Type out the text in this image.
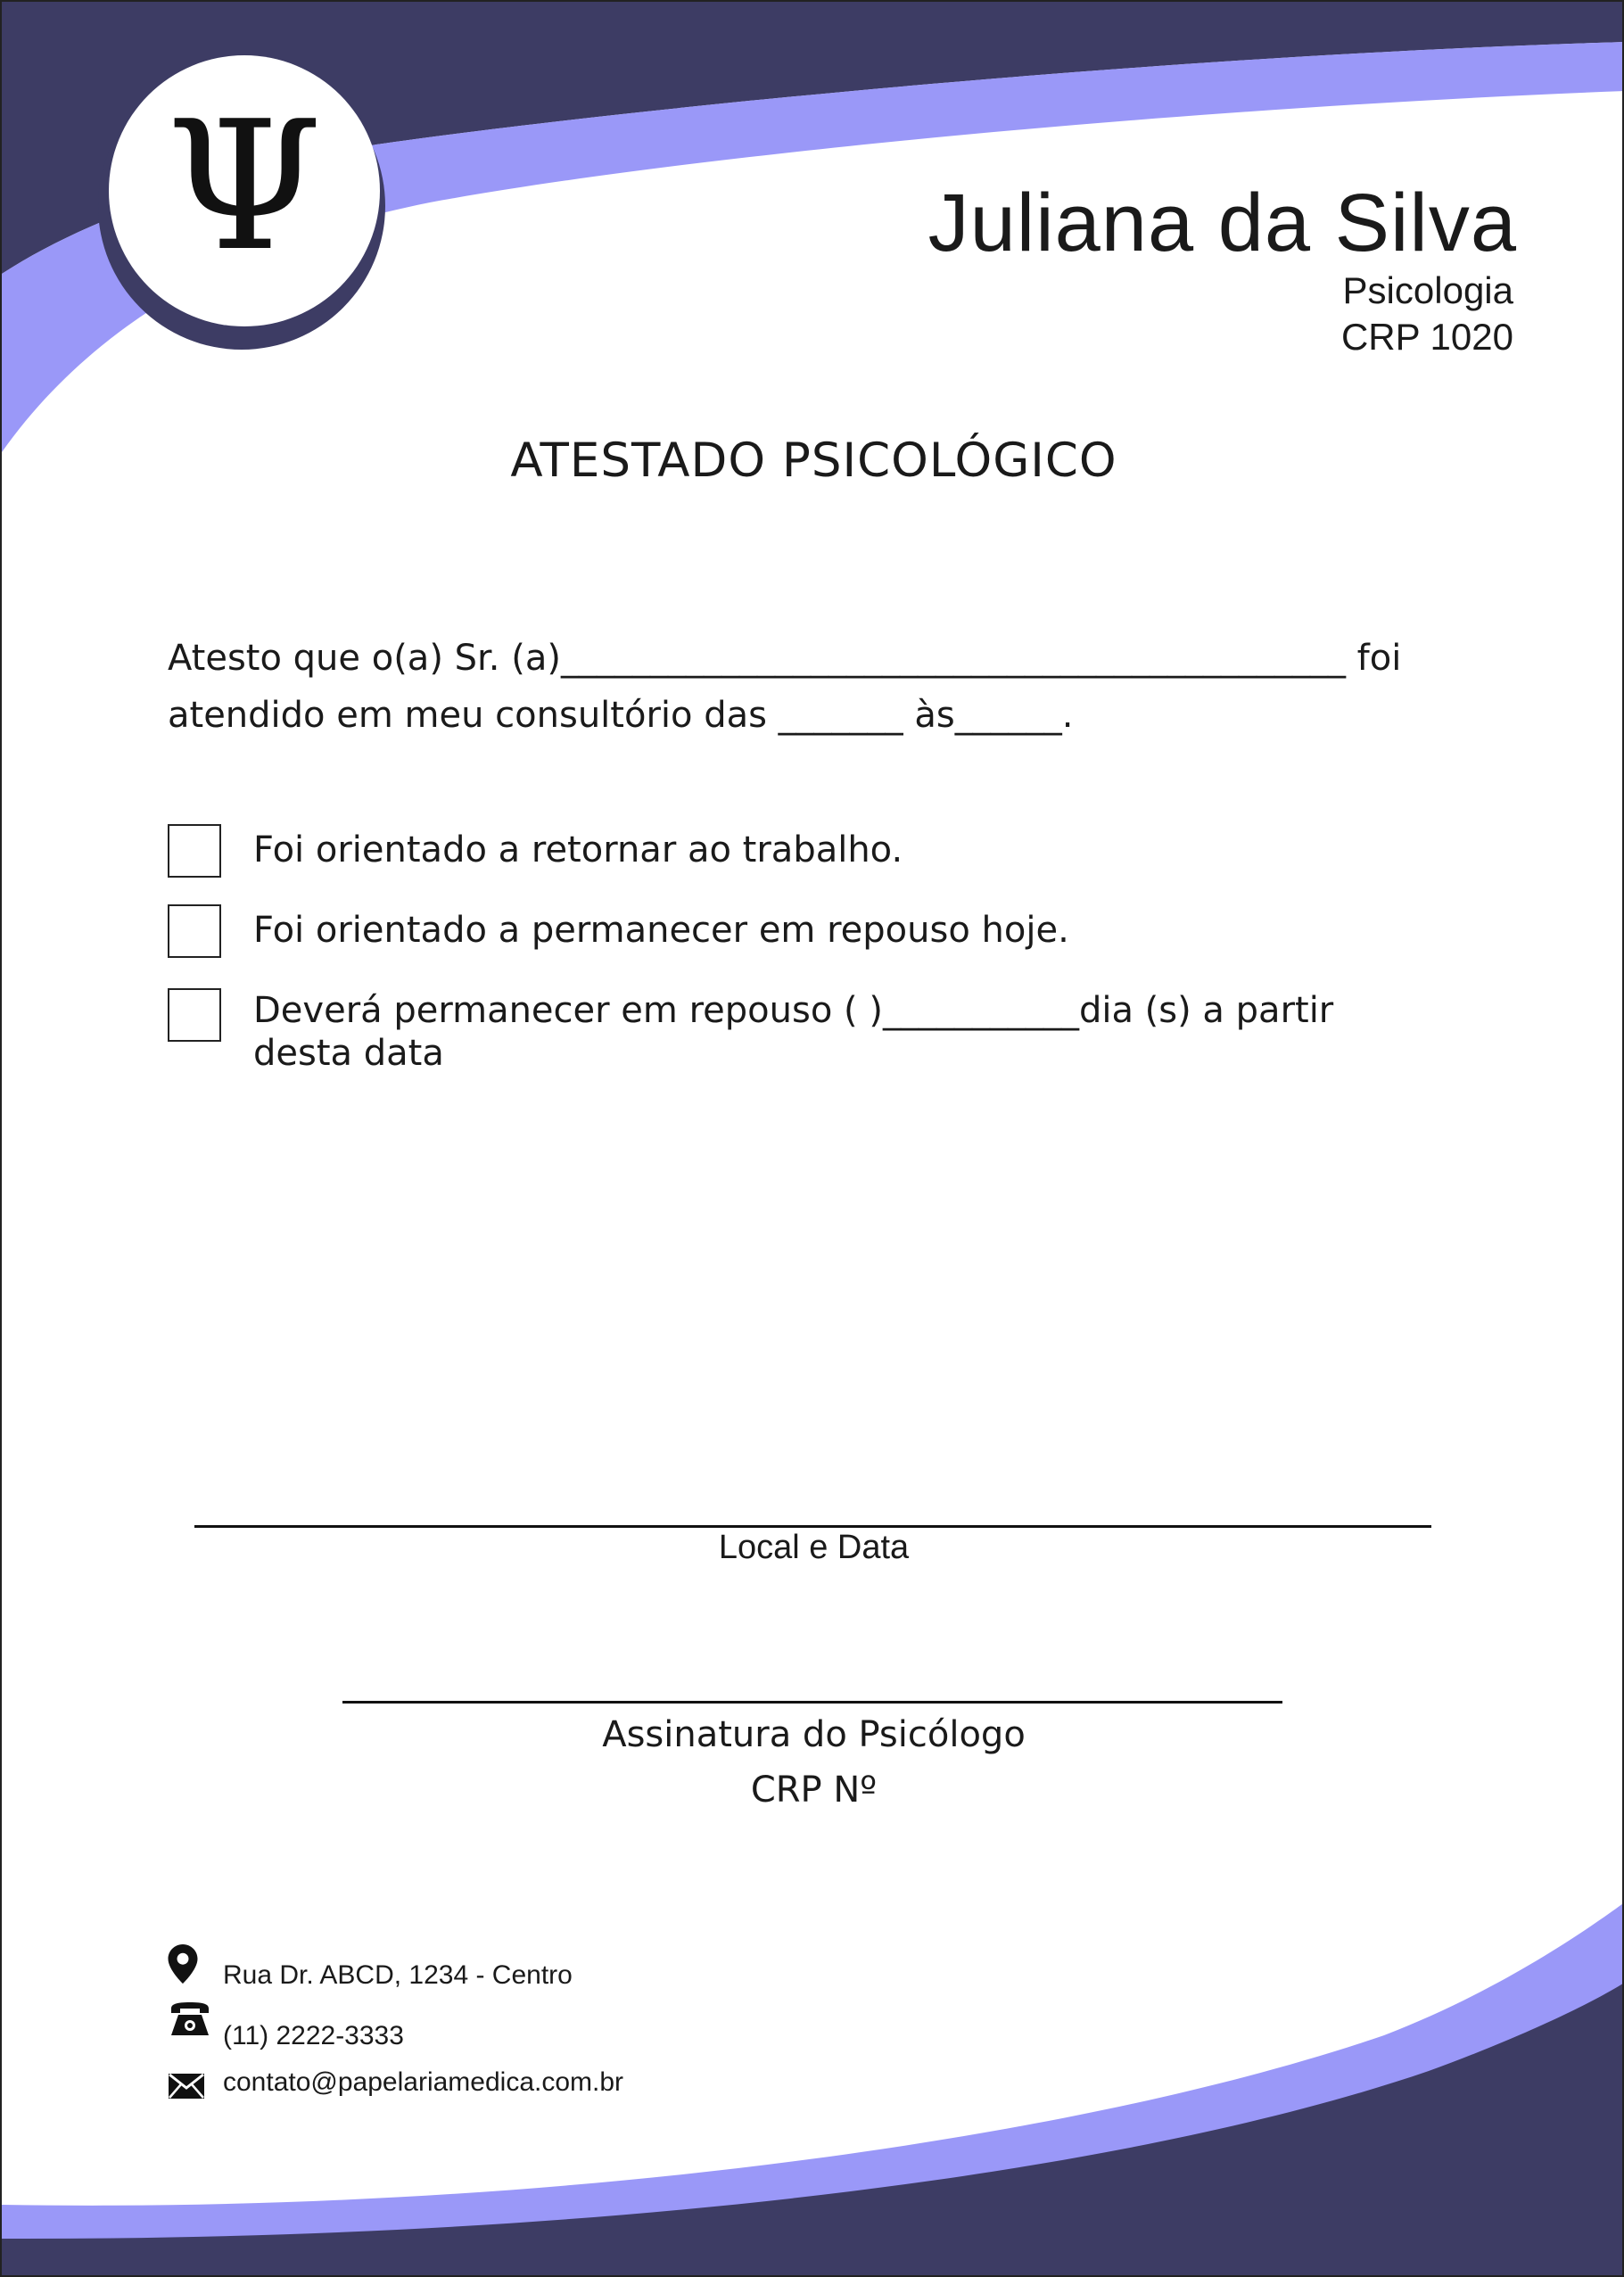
Ψ	Juliana da Silva
Psicologia
CRP 1020
ATESTADO PSICOLÓGICO
Atesto que o(a) Sr. (a)____________________________________________ foi
atendido em meu consultório das _______ às______.
Foi orientado a retornar ao trabalho.
Foi orientado a permanecer em repouso hoje.
Deverá permanecer em repouso ( )___________dia (s) a partir
desta data
Local e Data
Assinatura do Psicólogo
CRP Nº
Rua Dr. ABCD, 1234 - Centro
(11) 2222-3333
contato@papelariamedica.com.br
